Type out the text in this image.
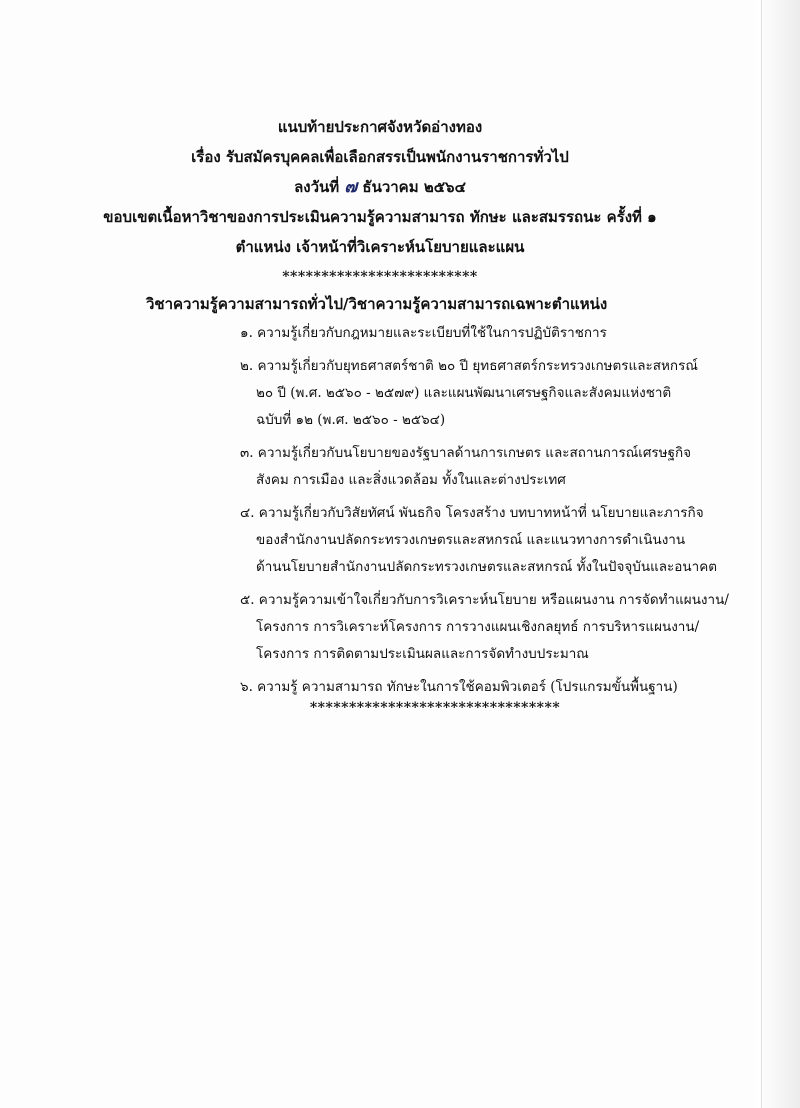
แนบท้ายประกาศจังหวัดอ่างทอง
เรื่อง รับสมัครบุคคลเพื่อเลือกสรรเป็นพนักงานราชการทั่วไป
ลงวันที่ ๗ ธันวาคม ๒๕๖๔
ขอบเขตเนื้อหาวิชาของการประเมินความรู้ความสามารถ ทักษะ และสมรรถนะ ครั้งที่ ๑
ตำแหน่ง เจ้าหน้าที่วิเคราะห์นโยบายและแผน
*************************
วิชาความรู้ความสามารถทั่วไป/วิชาความรู้ความสามารถเฉพาะตำแหน่ง
๑. ความรู้เกี่ยวกับกฎหมายและระเบียบที่ใช้ในการปฏิบัติราชการ
๒. ความรู้เกี่ยวกับยุทธศาสตร์ชาติ ๒๐ ปี ยุทธศาสตร์กระทรวงเกษตรและสหกรณ์
๒๐ ปี (พ.ศ. ๒๕๖๐ - ๒๕๗๙) และแผนพัฒนาเศรษฐกิจและสังคมแห่งชาติ
ฉบับที่ ๑๒ (พ.ศ. ๒๕๖๐ - ๒๕๖๔)
๓. ความรู้เกี่ยวกับนโยบายของรัฐบาลด้านการเกษตร และสถานการณ์เศรษฐกิจ
สังคม การเมือง และสิ่งแวดล้อม ทั้งในและต่างประเทศ
๔. ความรู้เกี่ยวกับวิสัยทัศน์ พันธกิจ โครงสร้าง บทบาทหน้าที่ นโยบายและภารกิจ
ของสำนักงานปลัดกระทรวงเกษตรและสหกรณ์ และแนวทางการดำเนินงาน
ด้านนโยบายสำนักงานปลัดกระทรวงเกษตรและสหกรณ์ ทั้งในปัจจุบันและอนาคต
๕. ความรู้ความเข้าใจเกี่ยวกับการวิเคราะห์นโยบาย หรือแผนงาน การจัดทำแผนงาน/
โครงการ การวิเคราะห์โครงการ การวางแผนเชิงกลยุทธ์ การบริหารแผนงาน/
โครงการ การติดตามประเมินผลและการจัดทำงบประมาณ
๖. ความรู้ ความสามารถ ทักษะในการใช้คอมพิวเตอร์ (โปรแกรมขั้นพื้นฐาน)
********************************
